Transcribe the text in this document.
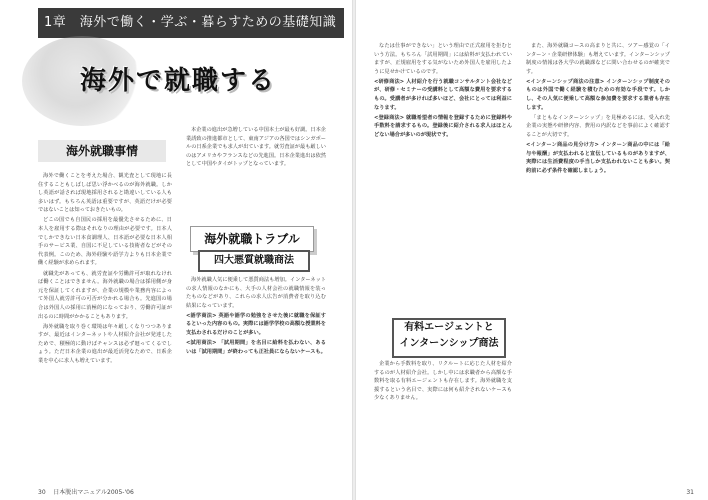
1章　海外で働く・学ぶ・暮らすための基礎知識編
海外で就職する
海外就職事情

海外で働くことを考えた場合、観光査として現地に長住することもしばしば思い浮かべるのが海外就職。しかし英語が話されば現地採用されると勘違いしている人も多いはず。もちろん英語は重要ですが、英語だけが必要ではないことは知っておきたいもの。

どこの国でも自国民の採用を最優先させるために、日本人を雇用する際はそれなりの理由が必要です。日本人でしかできない日本食調理人、日本語が必要な日本人相手のサービス業、自国に不足している技術者などがその代表例。このため、海外経験や語学力よりも日本企業で働く経験が求められます。

就職先があっても、就労査証や労働許可が取れなければ働くことはできません。海外就職の場合は採用側が身元を保証してくれますが、企業の規模や業務内容によって外国人就労許可の可否が分かれる場合も。先進国の場合は外国人の採用に消極的になっており、労働許可証が出るのに時間がかかることもあります。

海外就職を取り巻く環境は年々厳しくなりつつありますが、最近はインターネットや人材紹介会社が発達したためで、積極的に動けばチャンスは必ず廻ってくるでしょう。ただ日本企業の進出が最近活発なためで、日系企業を中心に求人も増えています。

本企業の進出が急増している中国本土が最も好調。日本企業誘致の推進都市として、東南アジアの各国ではシンガポールの日系企業でも求人が出ています。就労査証が最も厳しいのはアメリカやフランスなどの先進国。日本企業進出は依然として中国やタイがトップとなっています。

海外就職トラブル
四大悪質就職商法

海外就職人気に便乗して悪質商法も増加。インターネットの求人情報のなかにも、大手の人材会社の就職情報を装ったものなどがあり、これらの求人広告が消費者を取り込む結果になっています。

<語学商法> 英語や語学の勉強をさせた後に就職を保証するといった内容のもの。実際には語学学校の高額な授業料を支払わされるだけのことが多い。

<試用商法> 「試用期間」を名目に給料を払わない、あるいは「試用期間」が終わっても正社員にならないケースも。

30 日本脱出マニュアル2005-'06

なたは仕事ができない」という理由で正式雇用を拒むという方法。もちろん「試用期間」には給料が支払われていますが、正規雇用をする気がないため外国人を雇用したように見せかけているのです。

<研修商法> 人材紹介を行う就職コンサルタント会社などが、研修・セミナーの受講料として高額な費用を要求するもの。受講者が多ければ多いほど、会社にとっては利益になります。

<登録商法> 就職希望者の情報を登録するために登録料や手数料を請求するもの。登録後に紹介される求人はほとんどない場合が多いのが現状です。

有料エージェントと
インターンシップ商法

企業から手数料を取り、リクルートに応じた人材を紹介するのが人材紹介会社。しかし中には求職者から高額な手数料を取る有料エージェントも存在します。海外就職を支援するという名目で、実際には何も紹介されないケースも少なくありません。

また、海外就職コースの高まりと共に、ツアー感覚の「インターン・企業研修体験」も増えています。インターンシップ制度の情報は各大学の就職課などに問い合わせるのが確実です。

<インターンシップ商法の注意> インターンシップ制度そのものは外国で働く経験を積むための有効な手段です。しかし、その人気に便乗して高額な参加費を要求する業者も存在します。

「まともなインターンシップ」を見極めるには、受入れ先企業の実態や研修内容、費用の内訳などを事前によく確認することが大切です。

<インターン商品の見分け方> インターン商品の中には「給与や報酬」が支払われると宣伝しているものがありますが、実際には生活費程度の手当しか支払われないことも多い。契約前に必ず条件を確認しましょう。

31
